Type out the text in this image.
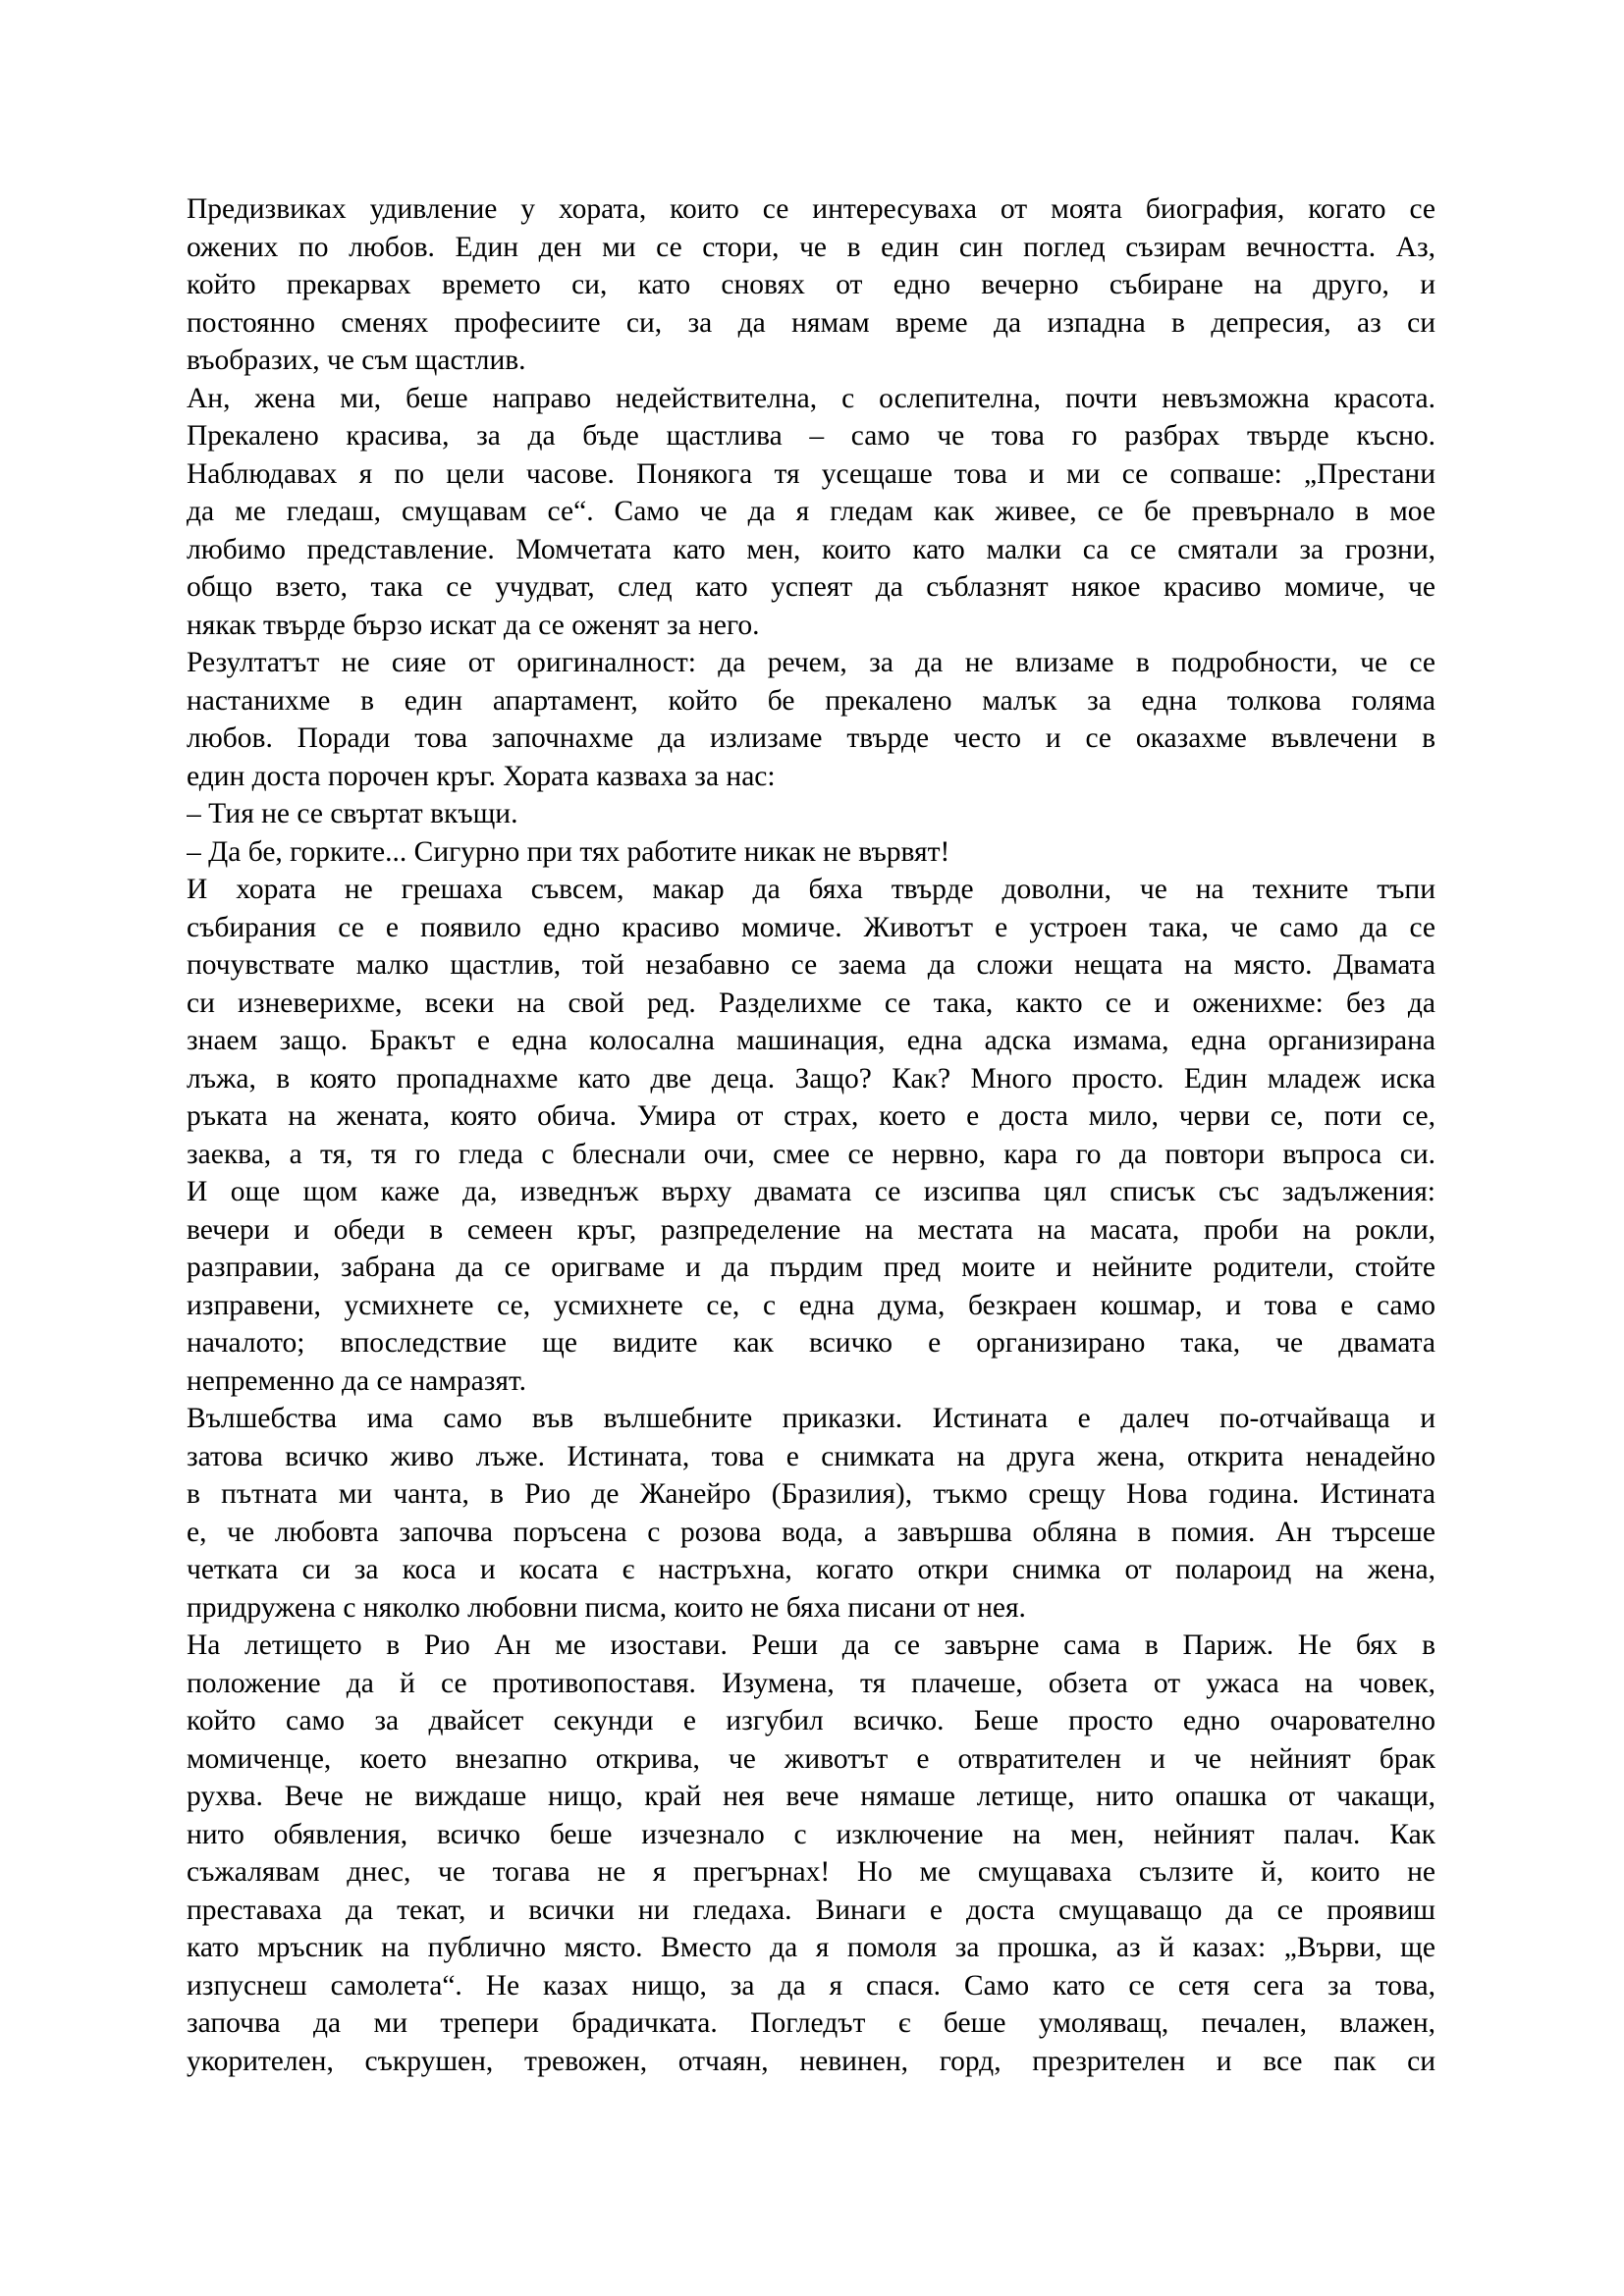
Предизвиках удивление у хората, които се интересуваха от моята биография, когато се
ожених по любов. Един ден ми се стори, че в един син поглед съзирам вечността. Аз,
който прекарвах времето си, като сновях от едно вечерно събиране на друго, и
постоянно сменях професиите си, за да нямам време да изпадна в депресия, аз си
въобразих, че съм щастлив.
Ан, жена ми, беше направо недействителна, с ослепителна, почти невъзможна красота.
Прекалено красива, за да бъде щастлива – само че това го разбрах твърде късно.
Наблюдавах я по цели часове. Понякога тя усещаше това и ми се сопваше: „Престани
да ме гледаш, смущавам се“. Само че да я гледам как живее, се бе превърнало в мое
любимо представление. Момчетата като мен, които като малки са се смятали за грозни,
общо взето, така се учудват, след като успеят да съблазнят някое красиво момиче, че
някак твърде бързо искат да се оженят за него.
Резултатът не сияе от оригиналност: да речем, за да не влизаме в подробности, че се
настанихме в един апартамент, който бе прекалено малък за една толкова голяма
любов. Поради това започнахме да излизаме твърде често и се оказахме въвлечени в
един доста порочен кръг. Хората казваха за нас:
– Тия не се свъртат вкъщи.
– Да бе, горките... Сигурно при тях работите никак не вървят!
И хората не грешаха съвсем, макар да бяха твърде доволни, че на техните тъпи
събирания се е появило едно красиво момиче. Животът е устроен така, че само да се
почувствате малко щастлив, той незабавно се заема да сложи нещата на място. Двамата
си изневерихме, всеки на свой ред. Разделихме се така, както се и оженихме: без да
знаем защо. Бракът е една колосална машинация, една адска измама, една организирана
лъжа, в която пропаднахме като две деца. Защо? Как? Много просто. Един младеж иска
ръката на жената, която обича. Умира от страх, което е доста мило, черви се, поти се,
заеква, а тя, тя го гледа с блеснали очи, смее се нервно, кара го да повтори въпроса си.
И още щом каже да, изведнъж върху двамата се изсипва цял списък със задължения:
вечери и обеди в семеен кръг, разпределение на местата на масата, проби на рокли,
разправии, забрана да се оригваме и да пърдим пред моите и нейните родители, стойте
изправени, усмихнете се, усмихнете се, с една дума, безкраен кошмар, и това е само
началото; впоследствие ще видите как всичко е организирано така, че двамата
непременно да се намразят.
Вълшебства има само във вълшебните приказки. Истината е далеч по-отчайваща и
затова всичко живо лъже. Истината, това е снимката на друга жена, открита ненадейно
в пътната ми чанта, в Рио де Жанейро (Бразилия), тъкмо срещу Нова година. Истината
е, че любовта започва поръсена с розова вода, а завършва обляна в помия. Ан търсеше
четката си за коса и косата є настръхна, когато откри снимка от полароид на жена,
придружена с няколко любовни писма, които не бяха писани от нея.
На летището в Рио Ан ме изостави. Реши да се завърне сама в Париж. Не бях в
положение да й се противопоставя. Изумена, тя плачеше, обзета от ужаса на човек,
който само за двайсет секунди е изгубил всичко. Беше просто едно очарователно
момиченце, което внезапно открива, че животът е отвратителен и че нейният брак
рухва. Вече не виждаше нищо, край нея вече нямаше летище, нито опашка от чакащи,
нито обявления, всичко беше изчезнало с изключение на мен, нейният палач. Как
съжалявам днес, че тогава не я прегърнах! Но ме смущаваха сълзите й, които не
преставаха да текат, и всички ни гледаха. Винаги е доста смущаващо да се проявиш
като мръсник на публично място. Вместо да я помоля за прошка, аз й казах: „Върви, ще
изпуснеш самолета“. Не казах нищо, за да я спася. Само като се сетя сега за това,
започва да ми трепери брадичката. Погледът є беше умоляващ, печален, влажен,
укорителен, съкрушен, тревожен, отчаян, невинен, горд, презрителен и все пак си
